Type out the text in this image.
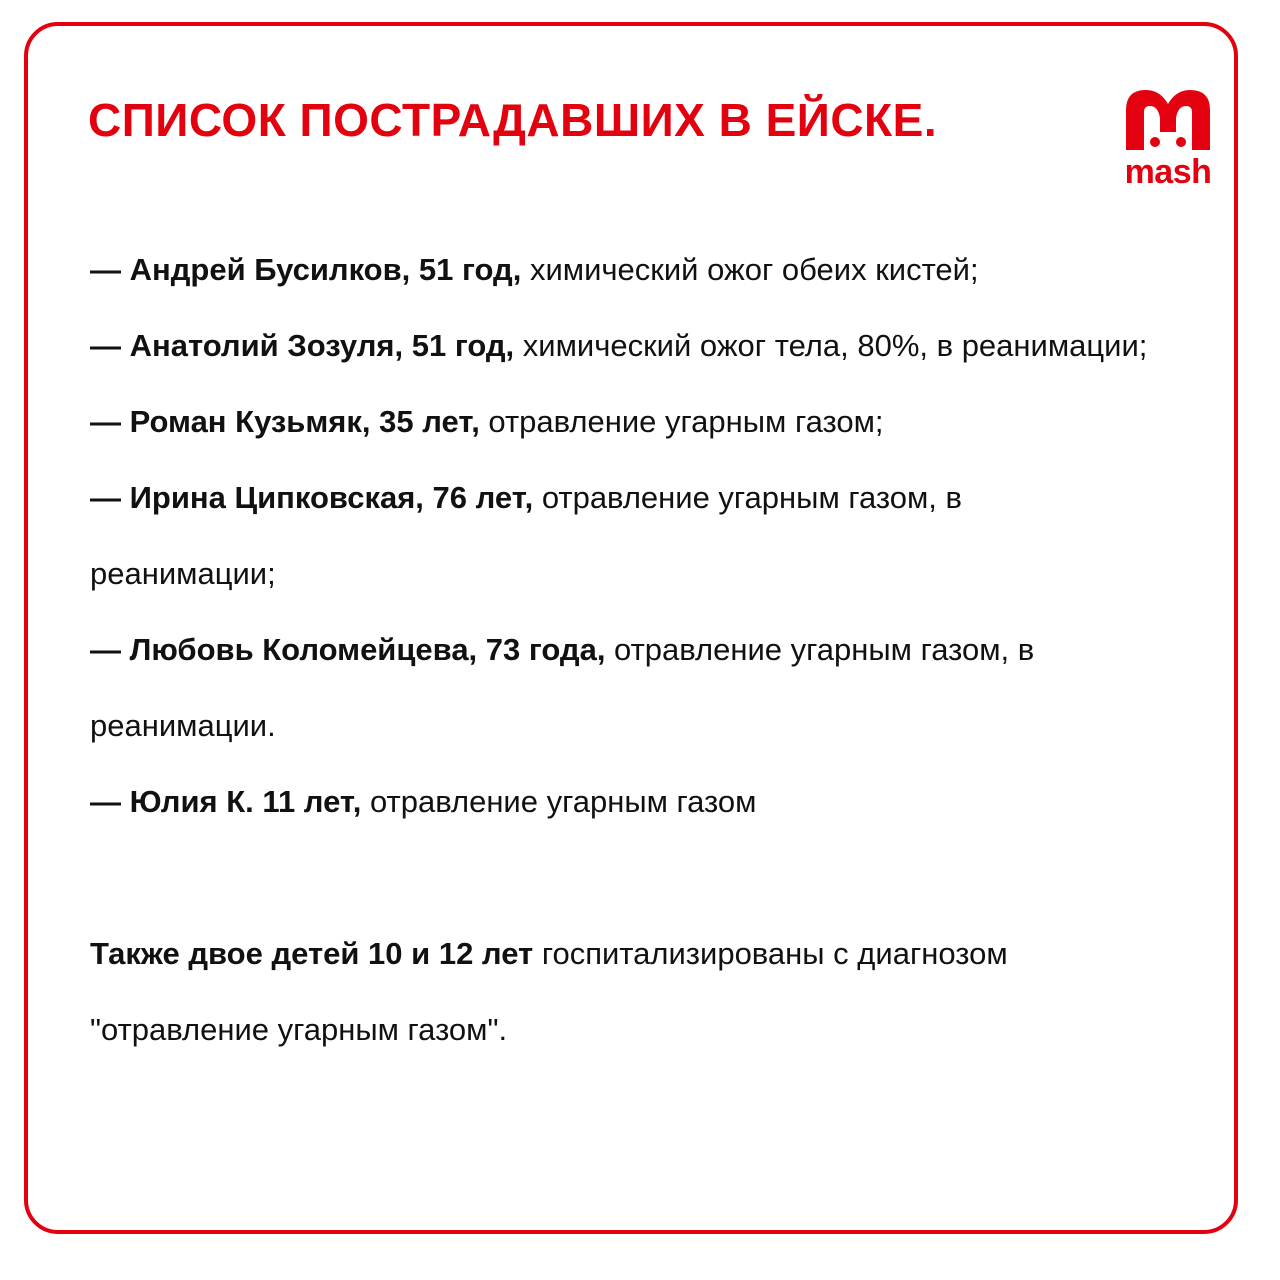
СПИСОК ПОСТРАДАВШИХ В ЕЙСКЕ.
mash

— Андрей Бусилков, 51 год, химический ожог обеих кистей;

— Анатолий Зозуля, 51 год, химический ожог тела, 80%, в реанимации;

— Роман Кузьмяк, 35 лет, отравление угарным газом;

— Ирина Ципковская, 76 лет, отравление угарным газом, в реанимации;

— Любовь Коломейцева, 73 года, отравление угарным газом, в реанимации.

— Юлия К. 11 лет, отравление угарным газом

Также двое детей 10 и 12 лет госпитализированы с диагнозом "отравление угарным газом".
